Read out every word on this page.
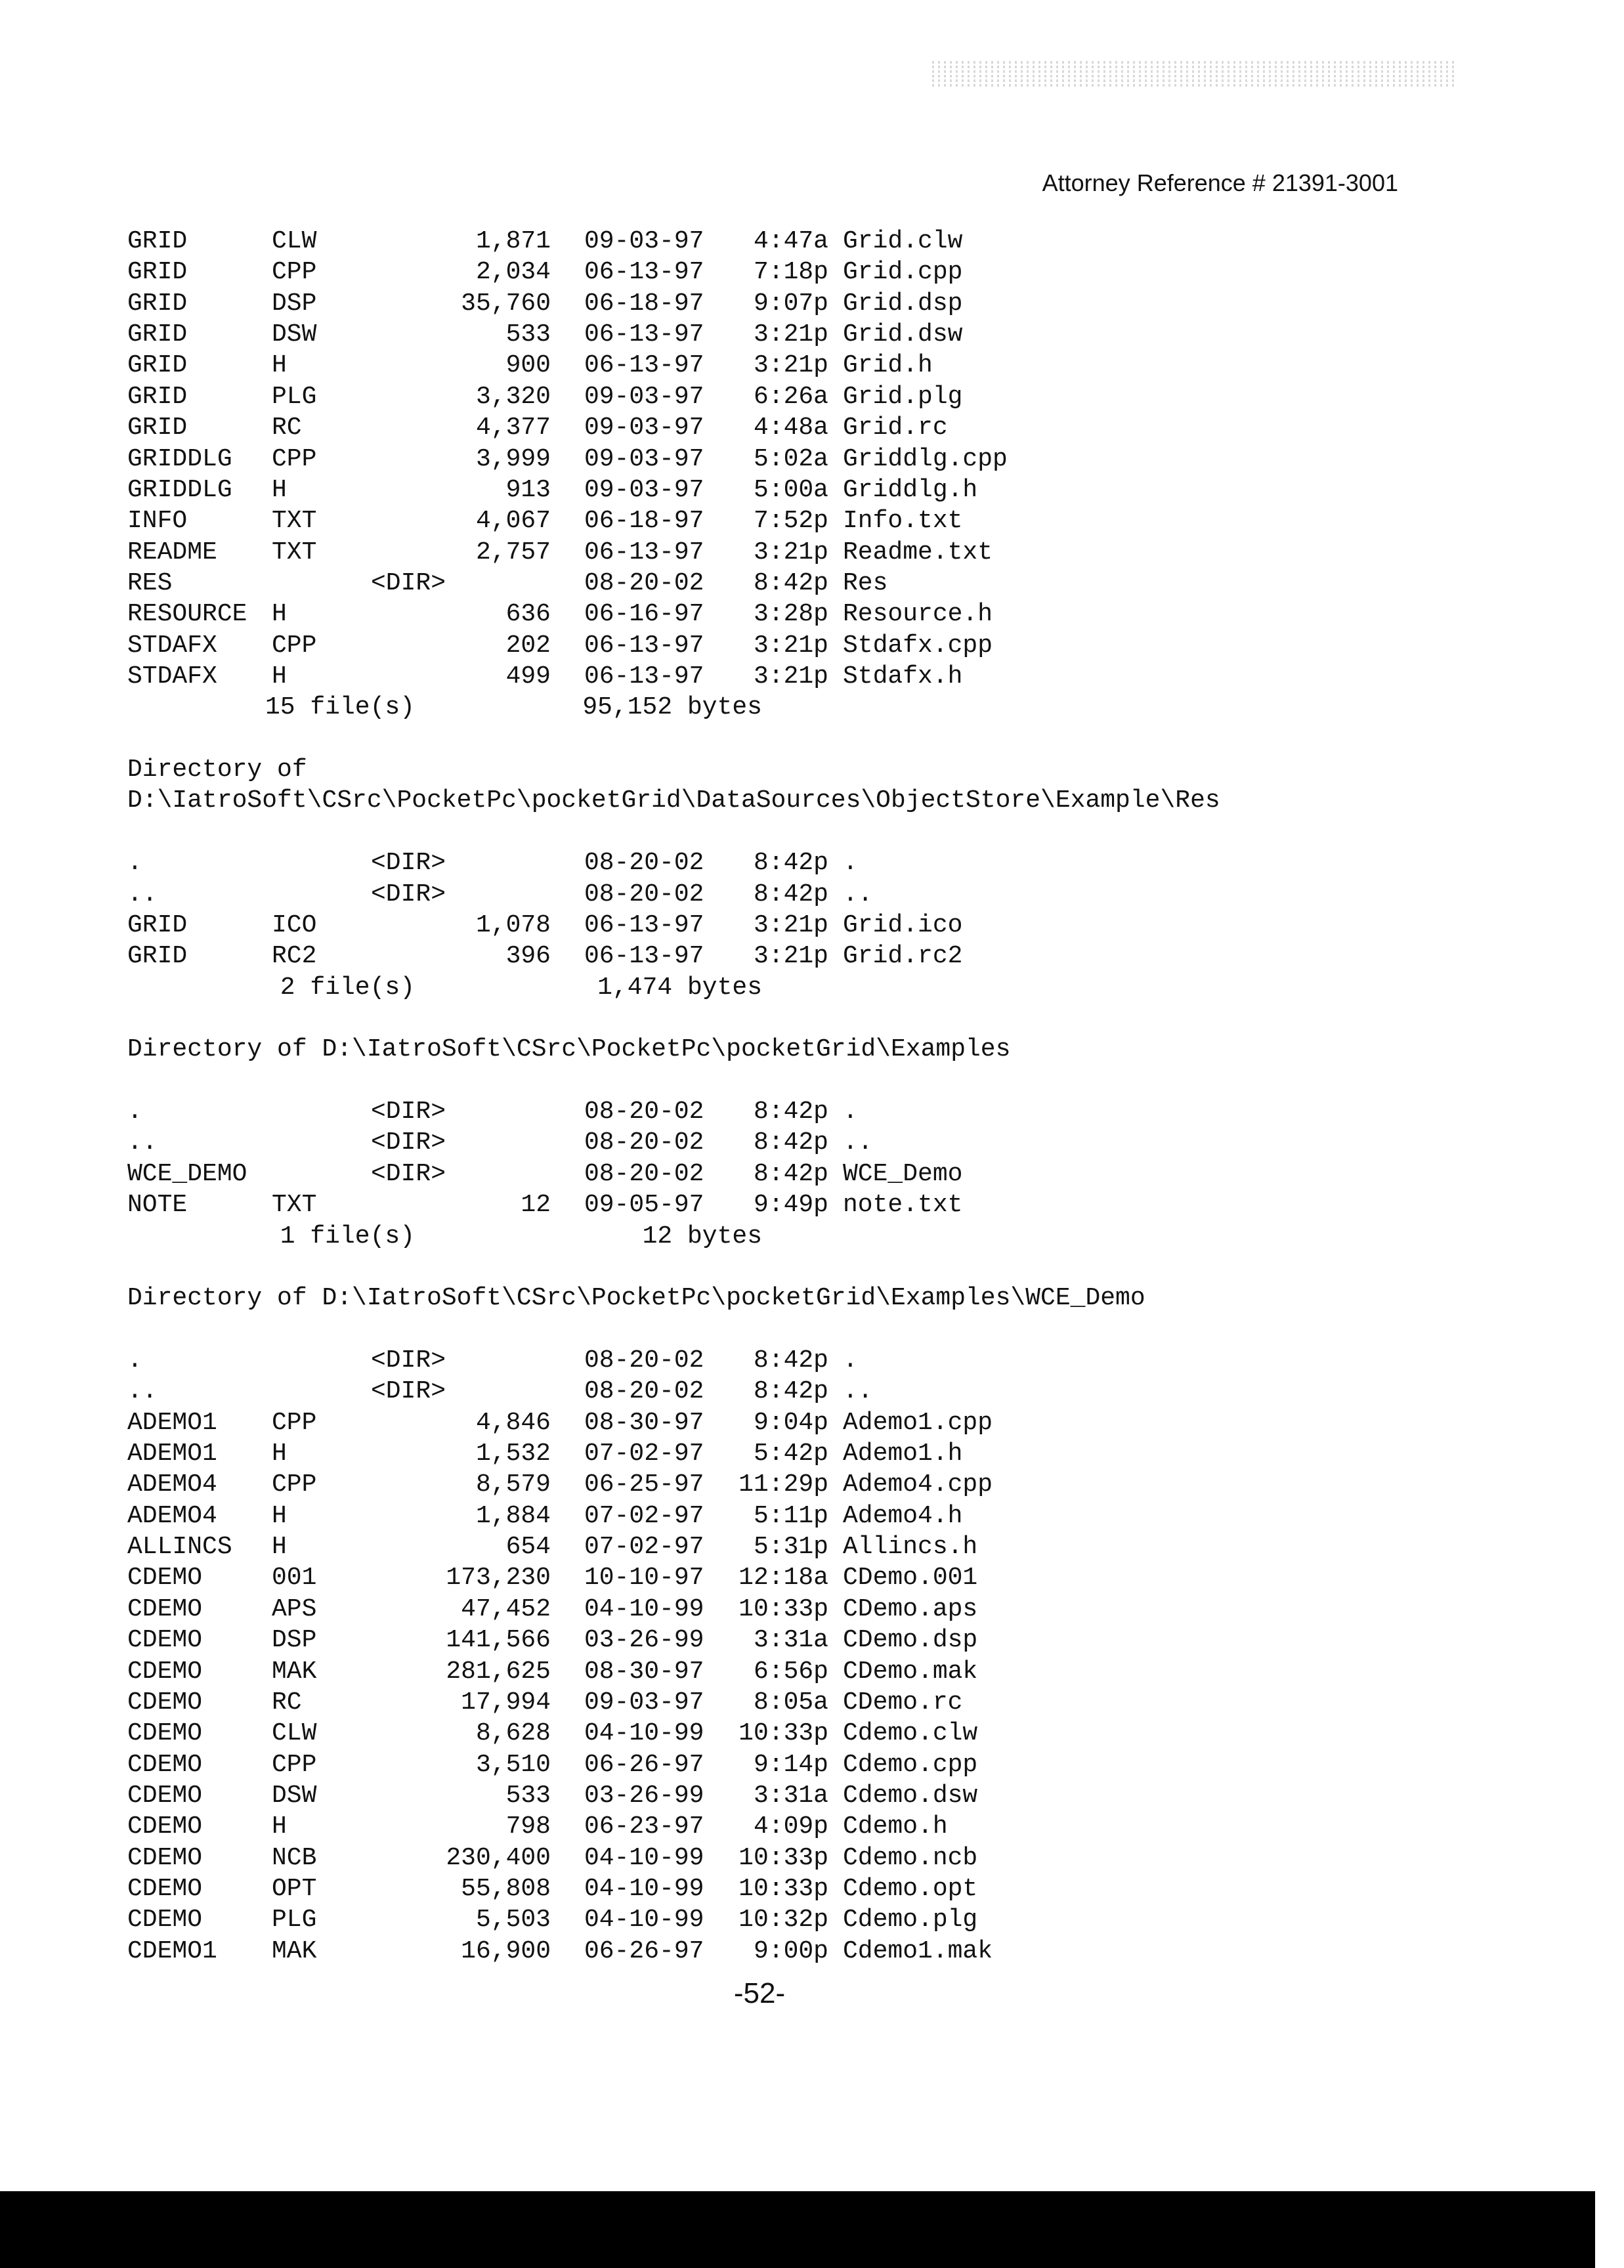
Attorney Reference # 21391-3001
GRID	CLW	1,871 09-03-97 4:47a Grid.clw
GRID	CPP	2,034 06-13-97 7:18p Grid.cpp
GRID	DSP	35,760 06-18-97 9:07p Grid.dsp
GRID	DSW	533 06-13-97 3:21p Grid.dsw
GRID	H	900 06-13-97 3:21p Grid.h
GRID	PLG	3,320 09-03-97 6:26a Grid.plg
GRID	RC	4,377 09-03-97 4:48a Grid.rc
GRIDDLG CPP	3,999 09-03-97 5:02a Griddlg.cpp
GRIDDLG H	913 09-03-97 5:00a Griddlg.h
INFO	TXT	4,067 06-18-97 7:52p Info.txt
README TXT	2,757 06-13-97 3:21p Readme.txt
RES	<DIR>	08-20-02 8:42p Res
RESOURCE H	636 06-16-97 3:28p Resource.h
STDAFX CPP	202 06-13-97 3:21p Stdafx.cpp
STDAFX H	499 06-13-97 3:21p Stdafx.h
15 file(s)	95,152 bytes
Directory of
D:\IatroSoft\CSrc\PocketPc\pocketGrid\DataSources\ObjectStore\Example\Res
.	<DIR>	08-20-02 8:42p .
..	<DIR>	08-20-02 8:42p ..
GRID	ICO	1,078 06-13-97 3:21p Grid.ico
GRID	RC2	396 06-13-97 3:21p Grid.rc2
2 file(s)	1,474 bytes
Directory of D:\IatroSoft\CSrc\PocketPc\pocketGrid\Examples
.	<DIR>	08-20-02 8:42p .
..	<DIR>	08-20-02 8:42p ..
WCE_DEMO	<DIR>	08-20-02 8:42p WCE_Demo
NOTE	TXT	12 09-05-97 9:49p note.txt
1 file(s)	12 bytes
Directory of D:\IatroSoft\CSrc\PocketPc\pocketGrid\Examples\WCE_Demo
.	<DIR>	08-20-02 8:42p .
..	<DIR>	08-20-02 8:42p ..
ADEMO1 CPP	4,846 08-30-97 9:04p Ademo1.cpp
ADEMO1 H	1,532 07-02-97 5:42p Ademo1.h
ADEMO4 CPP	8,579 06-25-97 11:29p Ademo4.cpp
ADEMO4 H	1,884 07-02-97 5:11p Ademo4.h
ALLINCS H	654 07-02-97 5:31p Allincs.h
CDEMO	001	173,230 10-10-97 12:18a CDemo.001
CDEMO	APS	47,452 04-10-99 10:33p CDemo.aps
CDEMO	DSP	141,566 03-26-99 3:31a CDemo.dsp
CDEMO	MAK	281,625 08-30-97 6:56p CDemo.mak
CDEMO	RC	17,994 09-03-97 8:05a CDemo.rc
CDEMO	CLW	8,628 04-10-99 10:33p Cdemo.clw
CDEMO	CPP	3,510 06-26-97 9:14p Cdemo.cpp
CDEMO	DSW	533 03-26-99 3:31a Cdemo.dsw
CDEMO	H	798 06-23-97 4:09p Cdemo.h
CDEMO	NCB	230,400 04-10-99 10:33p Cdemo.ncb
CDEMO	OPT	55,808 04-10-99 10:33p Cdemo.opt
CDEMO	PLG	5,503 04-10-99 10:32p Cdemo.plg
CDEMO1 MAK	16,900 06-26-97 9:00p Cdemo1.mak
-52-
